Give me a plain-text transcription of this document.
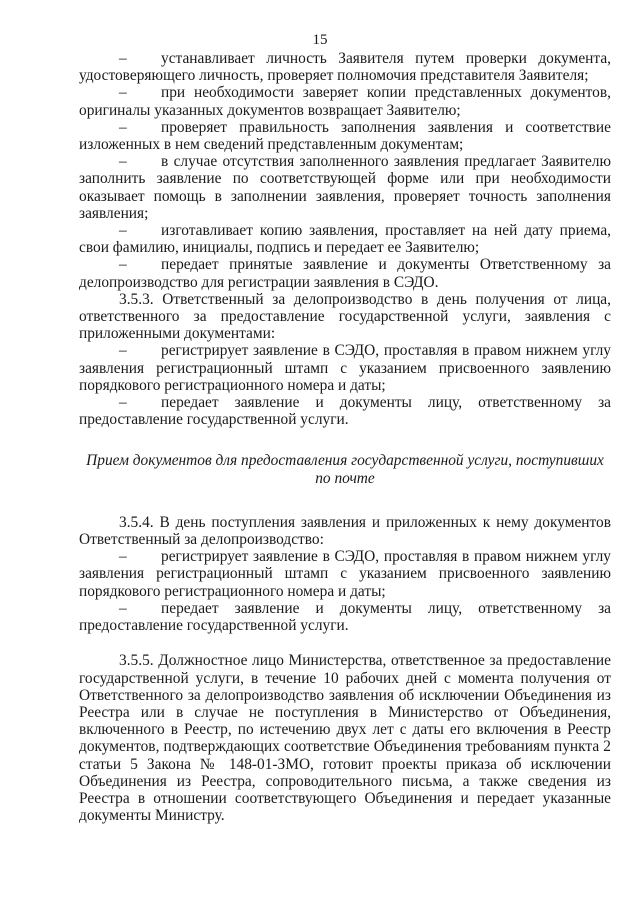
15

– устанавливает личность Заявителя путем проверки документа, удостоверяющего личность, проверяет полномочия представителя Заявителя;

– при необходимости заверяет копии представленных документов, оригиналы указанных документов возвращает Заявителю;

– проверяет правильность заполнения заявления и соответствие изложенных в нем сведений представленным документам;

– в случае отсутствия заполненного заявления предлагает Заявителю заполнить заявление по соответствующей форме или при необходимости оказывает помощь в заполнении заявления, проверяет точность заполнения заявления;

– изготавливает копию заявления, проставляет на ней дату приема, свои фамилию, инициалы, подпись и передает ее Заявителю;

– передает принятые заявление и документы Ответственному за делопроизводство для регистрации заявления в СЭДО.

3.5.3. Ответственный за делопроизводство в день получения от лица, ответственного за предоставление государственной услуги, заявления с приложенными документами:

– регистрирует заявление в СЭДО, проставляя в правом нижнем углу заявления регистрационный штамп с указанием присвоенного заявлению порядкового регистрационного номера и даты;

– передает заявление и документы лицу, ответственному за предоставление государственной услуги.

Прием документов для предоставления государственной услуги, поступивших по почте

3.5.4. В день поступления заявления и приложенных к нему документов Ответственный за делопроизводство:

– регистрирует заявление в СЭДО, проставляя в правом нижнем углу заявления регистрационный штамп с указанием присвоенного заявлению порядкового регистрационного номера и даты;

– передает заявление и документы лицу, ответственному за предоставление государственной услуги.

3.5.5. Должностное лицо Министерства, ответственное за предоставление государственной услуги, в течение 10 рабочих дней с момента получения от Ответственного за делопроизводство заявления об исключении Объединения из Реестра или в случае не поступления в Министерство от Объединения, включенного в Реестр, по истечению двух лет с даты его включения в Реестр документов, подтверждающих соответствие Объединения требованиям пункта 2 статьи 5 Закона № 148-01-ЗМО, готовит проекты приказа об исключении Объединения из Реестра, сопроводительного письма, а также сведения из Реестра в отношении соответствующего Объединения и передает указанные документы Министру.
